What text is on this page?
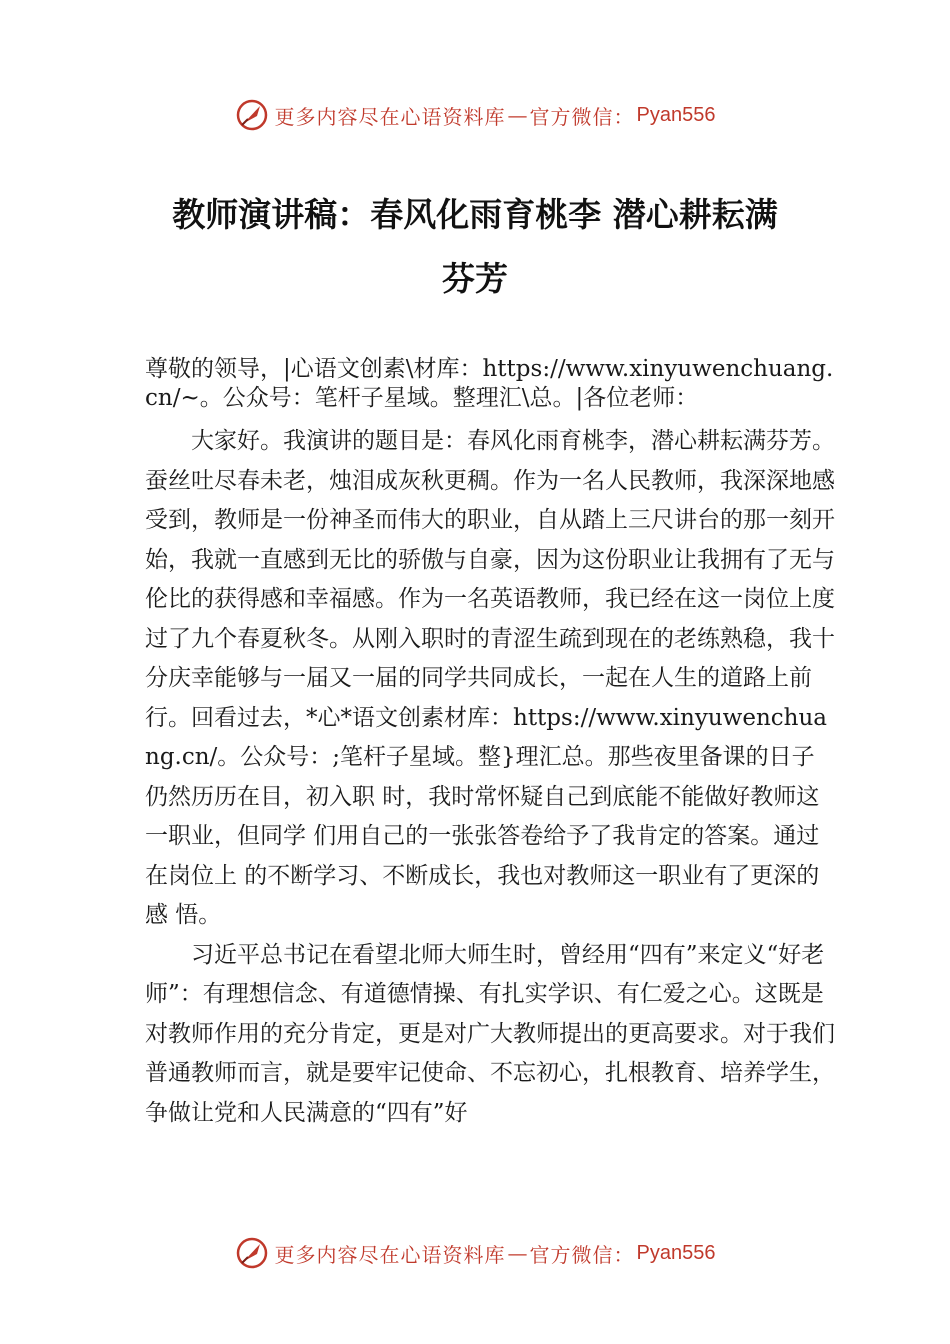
更多内容尽在心语资料库 — 官方微信： Pyan556
教师演讲稿：春风化雨育桃李 潜心耕耘满
芬芳

尊敬的领导，|心语文创素\材库：https://www.xinyuwenchuang.cn/~。公众号：笔杆子星域。整理汇\总。|各位老师：

大家好。我演讲的题目是：春风化雨育桃李，潜心耕耘满芬芳。蚕丝吐尽春未老，烛泪成灰秋更稠。作为一名人民教师，我深深地感受到，教师是一份神圣而伟大的职业，自从踏上三尺讲台的那一刻开始，我就一直感到无比的骄傲与自豪，因为这份职业让我拥有了无与伦比的获得感和幸福感。作为一名英语教师，我已经在这一岗位上度过了九个春夏秋冬。从刚入职时的青涩生疏到现在的老练熟稳，我十分庆幸能够与一届又一届的同学共同成长，一起在人生的道路上前行。回看过去，*心*语文创素材库：https://www.xinyuwenchuang.cn/。公众号：;笔杆子星域。整}理汇总。那些夜里备课的日子仍然历历在目，初入职 时，我时常怀疑自己到底能不能做好教师这一职业，但同学 们用自己的一张张答卷给予了我肯定的答案。通过在岗位上 的不断学习、不断成长，我也对教师这一职业有了更深的感 悟。

习近平总书记在看望北师大师生时，曾经用“四有”来定义“好老师”：有理想信念、有道德情操、有扎实学识、有仁爱之心。这既是对教师作用的充分肯定，更是对广大教师提出的更高要求。对于我们普通教师而言，就是要牢记使命、不忘初心，扎根教育、培养学生，争做让党和人民满意的“四有”好

更多内容尽在心语资料库 — 官方微信： Pyan556
